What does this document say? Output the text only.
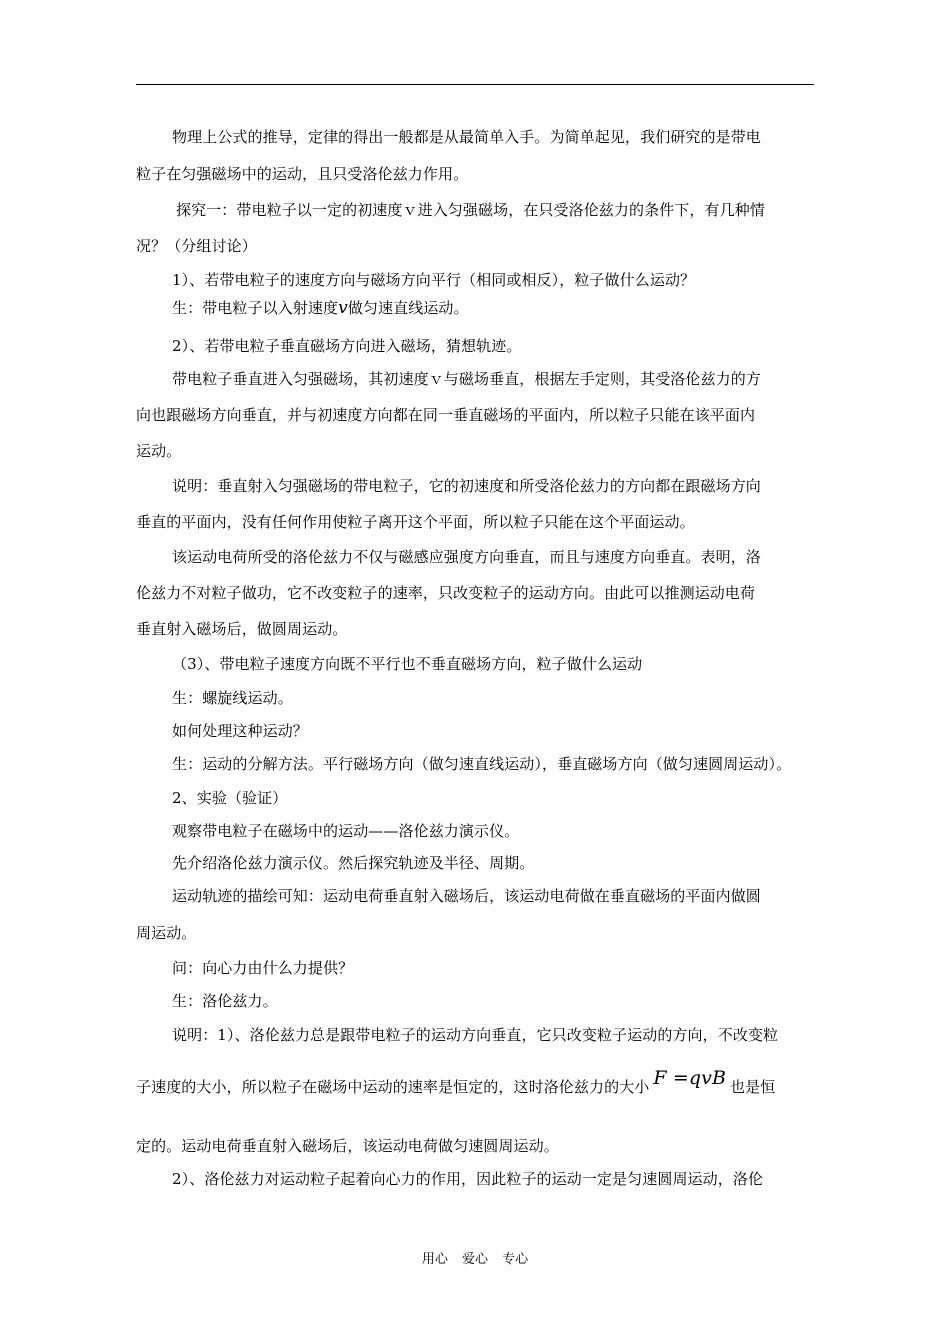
物理上公式的推导，定律的得出一般都是从最简单入手。为简单起见，我们研究的是带电
粒子在匀强磁场中的运动，且只受洛伦兹力作用。
探究一：带电粒子以一定的初速度ｖ进入匀强磁场，在只受洛伦兹力的条件下，有几种情
况？（分组讨论）
1）、若带电粒子的速度方向与磁场方向平行（相同或相反），粒子做什么运动？
生：带电粒子以入射速度v做匀速直线运动。
2）、若带电粒子垂直磁场方向进入磁场，猜想轨迹。
带电粒子垂直进入匀强磁场，其初速度ｖ与磁场垂直，根据左手定则，其受洛伦兹力的方
向也跟磁场方向垂直，并与初速度方向都在同一垂直磁场的平面内，所以粒子只能在该平面内
运动。
说明：垂直射入匀强磁场的带电粒子，它的初速度和所受洛伦兹力的方向都在跟磁场方向
垂直的平面内，没有任何作用使粒子离开这个平面，所以粒子只能在这个平面运动。
该运动电荷所受的洛伦兹力不仅与磁感应强度方向垂直，而且与速度方向垂直。表明，洛
伦兹力不对粒子做功，它不改变粒子的速率，只改变粒子的运动方向。由此可以推测运动电荷
垂直射入磁场后，做圆周运动。
（3）、带电粒子速度方向既不平行也不垂直磁场方向，粒子做什么运动
生：螺旋线运动。
如何处理这种运动？
生：运动的分解方法。平行磁场方向（做匀速直线运动），垂直磁场方向（做匀速圆周运动）。
2、实验（验证）
观察带电粒子在磁场中的运动——洛伦兹力演示仪。
先介绍洛伦兹力演示仪。然后探究轨迹及半径、周期。
运动轨迹的描绘可知：运动电荷垂直射入磁场后，该运动电荷做在垂直磁场的平面内做圆
周运动。
问：向心力由什么力提供？
生：洛伦兹力。
说明：1）、洛伦兹力总是跟带电粒子的运动方向垂直，它只改变粒子运动的方向，不改变粒
子速度的大小，所以粒子在磁场中运动的速率是恒定的，这时洛伦兹力的大小 F =qvB 也是恒
定的。运动电荷垂直射入磁场后，该运动电荷做匀速圆周运动。
2）、洛伦兹力对运动粒子起着向心力的作用，因此粒子的运动一定是匀速圆周运动，洛伦
用心 爱心 专心
